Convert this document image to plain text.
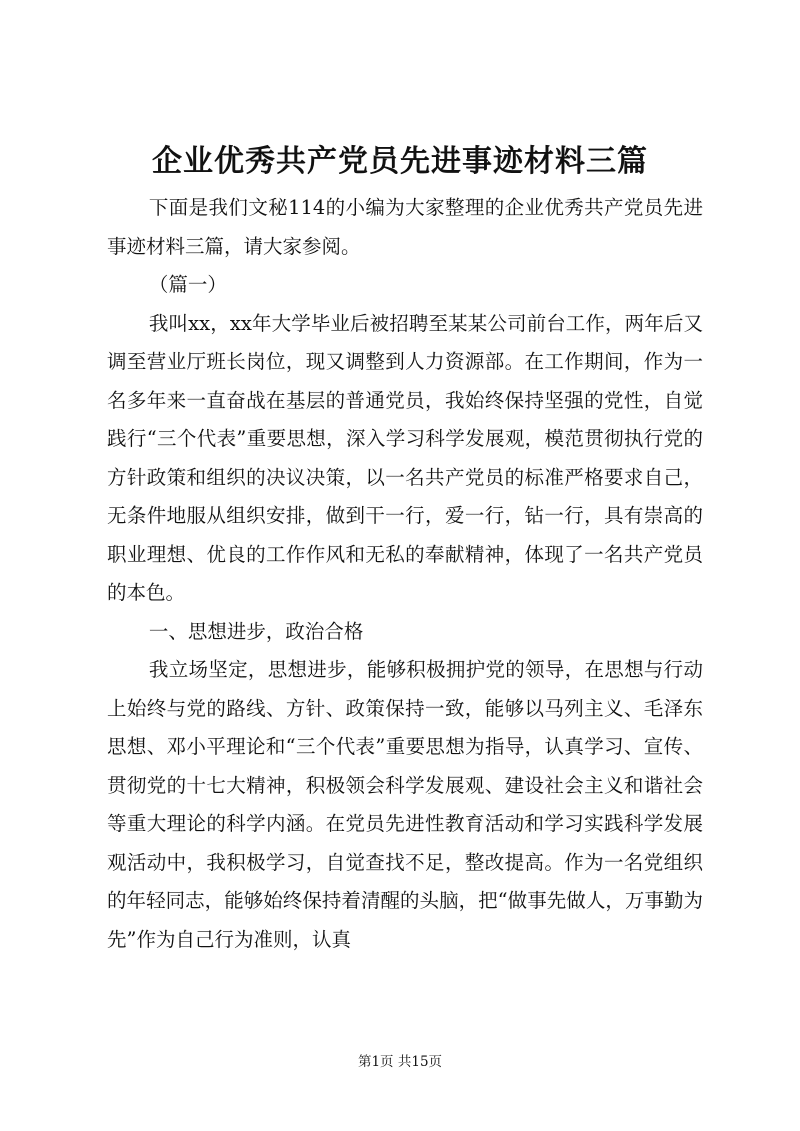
企业优秀共产党员先进事迹材料三篇

下面是我们文秘114的小编为大家整理的企业优秀共产党员先进事迹材料三篇，请大家参阅。

（篇一）

我叫xx，xx年大学毕业后被招聘至某某公司前台工作，两年后又调至营业厅班长岗位，现又调整到人力资源部。在工作期间，作为一名多年来一直奋战在基层的普通党员，我始终保持坚强的党性，自觉践行“三个代表”重要思想，深入学习科学发展观，模范贯彻执行党的方针政策和组织的决议决策，以一名共产党员的标准严格要求自己，无条件地服从组织安排，做到干一行，爱一行，钻一行，具有崇高的职业理想、优良的工作作风和无私的奉献精神，体现了一名共产党员的本色。

一、思想进步，政治合格

我立场坚定，思想进步，能够积极拥护党的领导，在思想与行动上始终与党的路线、方针、政策保持一致，能够以马列主义、毛泽东思想、邓小平理论和“三个代表”重要思想为指导，认真学习、宣传、贯彻党的十七大精神，积极领会科学发展观、建设社会主义和谐社会等重大理论的科学内涵。在党员先进性教育活动和学习实践科学发展观活动中，我积极学习，自觉查找不足，整改提高。作为一名党组织的年轻同志，能够始终保持着清醒的头脑，把“做事先做人，万事勤为先”作为自己行为准则，认真

第1页 共15页
